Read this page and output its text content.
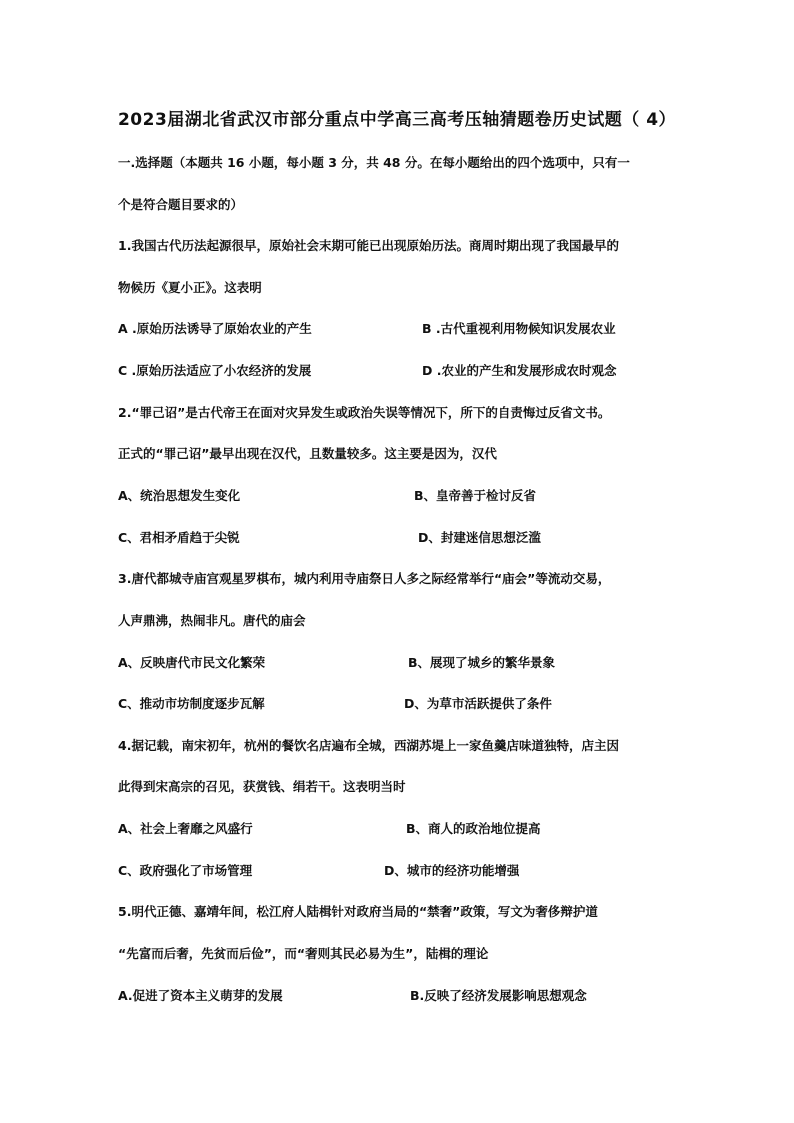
2023届湖北省武汉市部分重点中学高三高考压轴猜题卷历史试题（ 4）
一.选择题（本题共 16 小题，每小题 3 分，共 48 分。在每小题给出的四个选项中，只有一
个是符合题目要求的）
1.我国古代历法起源很早，原始社会末期可能已出现原始历法。商周时期出现了我国最早的
物候历《夏小正》。这表明
A .原始历法诱导了原始农业的产生	B .古代重视利用物候知识发展农业
C .原始历法适应了小农经济的发展	D .农业的产生和发展形成农时观念
2.“罪己诏”是古代帝王在面对灾异发生或政治失误等情况下，所下的自责悔过反省文书。
正式的“罪己诏”最早出现在汉代，且数量较多。这主要是因为，汉代
A、统治思想发生变化	B、皇帝善于检讨反省
C、君相矛盾趋于尖锐	D、封建迷信思想泛滥
3.唐代都城寺庙宫观星罗棋布，城内利用寺庙祭日人多之际经常举行“庙会”等流动交易，
人声鼎沸，热闹非凡。唐代的庙会
A、反映唐代市民文化繁荣	B、展现了城乡的繁华景象
C、推动市坊制度逐步瓦解	D、为草市活跃提供了条件
4.据记载，南宋初年，杭州的餐饮名店遍布全城，西湖苏堤上一家鱼羹店味道独特，店主因
此得到宋高宗的召见，获赏钱、绢若干。这表明当时
A、社会上奢靡之风盛行	B、商人的政治地位提高
C、政府强化了市场管理	D、城市的经济功能增强
5.明代正德、嘉靖年间，松江府人陆楫针对政府当局的“禁奢”政策，写文为奢侈辩护道
“先富而后奢，先贫而后俭”，而“奢则其民必易为生”，陆楫的理论
A.促进了资本主义萌芽的发展	B.反映了经济发展影响思想观念
